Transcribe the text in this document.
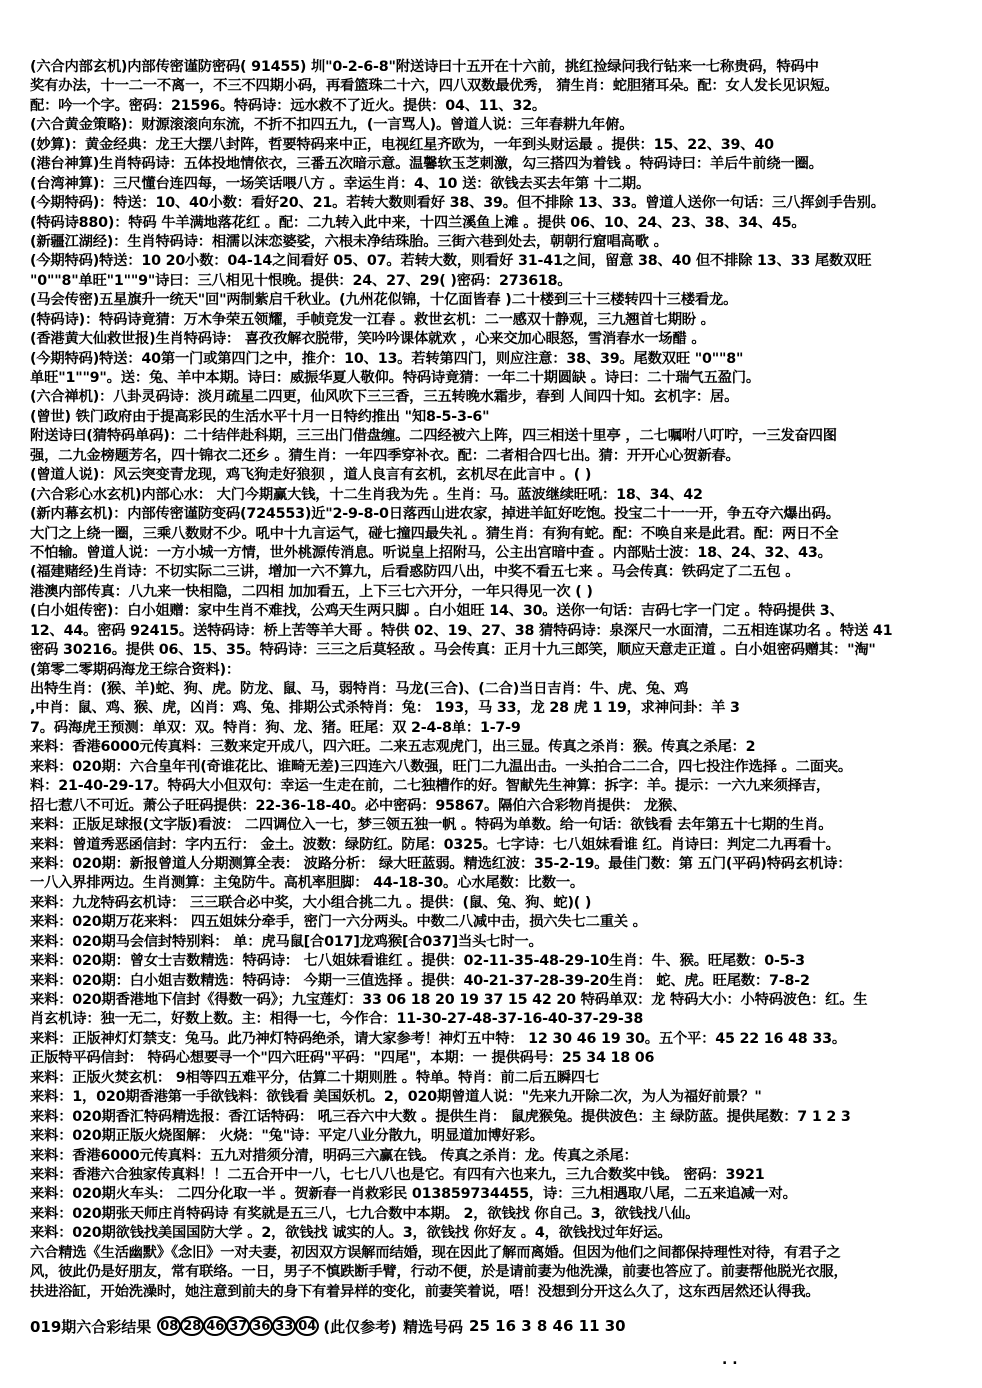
(六合内部玄机)内部传密谨防密码( 91455) 圳"0-2-6-8"附送诗曰十五开在十六前，挑红捡绿问我行钻来一七称贵码，特码中
奖有办法，十一二一不离一，不三不四期小码，再看篮珠二十六，四八双数最优秀， 猜生肖：蛇胆猪耳朵。配：女人发长见识短。
配：吟一个字。密码：21596。特码诗：远水救不了近火。提供：04、11、32。
(六合黄金策略)：财源滚滚向东流，不折不扣四五九，(一言骂人)。曾道人说：三年春耕九年俯。
(妙算)：黄金经典：龙王大摆八封阵，哲要特码来中正，电视红星齐欧为，一年到头财运最 。提供：15、22、39、40
(港台神算)生肖特码诗：五体投地情依衣，三番五次暗示意。温馨软玉芝刺激，勾三搭四为着钱 。特码诗曰：羊后牛前绕一圈。
(台湾神算)：三尺懂台连四每，一场笑话喂八方 。幸运生肖：4、10 送：欲钱去买去年第 十二期。
(今期特码)：特送：10、40小数：看好20、21。若转大数则看好 38、39。但不排除 13、33。曾道人送你一句话：三八挥剑手告别。
(特码诗880)：特码 牛羊满地落花红 。配：二九转入此中来，十四兰溪鱼上滩 。提供 06、10、24、23、38、34、45。
(新疆江湖经)：生肖特码诗：相濡以沫恋婆娑，六根未净结珠胎。三街六巷到处去，朝朝行窟唱高歌 。
(今期特码)特送：10 20小数：04-14之间看好 05、07。若转大数，则看好 31-41之间，留意 38、40 但不排除 13、33 尾数双旺
"0""8"单旺"1""9"诗曰：三八相见十恨晚。提供：24、27、29( )密码：273618。
(马会传密)五星旗升一统天"回"两制紫启千秋业。(九州花似锦，十亿面皆春 )二十楼到三十三楼转四十三楼看龙。
(特码诗)：特码诗竟猜：万木争荣五领耀，手帧竞发一江春 。救世玄机：二一感双十静观，三九翘首七期盼 。
(香港黄大仙救世报)生肖特码诗： 喜孜孜解衣脱带，笑吟吟课体就欢 ，心来交加心眼怒，雪消春水一场醋 。
(今期特码)特送：40第一门或第四门之中，推介：10、13。若转第四门，则应注意：38、39。尾数双旺 "0""8"
单旺"1""9"。送：兔、羊中本期。诗曰：威振华夏人敬仰。特码诗竟猜：一年二十期圆缺 。诗曰：二十瑞气五盈门。
(六合禅机)：八卦灵码诗：淡月疏星二四更，仙风吹下三三香，三五转晚水霜步，春到 人间四十知。玄机字：居。
(曾世) 铁门政府由于提高彩民的生活水平十月一日特约推出 "知8-5-3-6"
附送诗曰(猜特码单码)：二十结伴赴科期，三三出门借盘缠。二四经被六上阵，四三相送十里亭 ，二七嘱咐八叮咛，一三发奋四图
强，二九金榜题芳名，四十锦衣二还乡 。猜生肖：一年四季穿补衣。配：二者相合四七出。猜：开开心心贺新春。
(曾道人说)：风云突变青龙现，鸡飞狗走好狼狈 ，道人良言有玄机，玄机尽在此言中 。( )
(六合彩心水玄机)内部心水： 大门今期赢大钱，十二生肖我为先 。生肖：马。蓝波继续旺吼：18、34、42
(新内幕玄机)：内部传密谨防变码(724553)近"2-9-8-0日落西山进农家，掉进羊缸好吃饱。投宝二十一一开，争五夺六爆出码。
大门之上绕一圈，三乘八数财不少。吼中十九言运气，碰七撞四最失礼 。猜生肖：有狗有蛇。配：不唤自来是此君。配：两日不全
不怕输。曾道人说：一方小城一方情，世外桃源传消息。听说皇上招附马，公主出宫暗中查 。内部贴士波：18、24、32、43。
(福建赌经)生肖诗：不切实际二三讲，增加一六不算九，后看惑防四八出，中奖不看五七来 。马会传真：铁码定了二五包 。
港澳内部传真：八九来一快相隐，二四相 加加看五，上下三七六开分，一年只得见一次 ( )
(白小姐传密)：白小姐赠：家中生肖不难找，公鸡天生两只脚 。白小姐旺 14、30。送你一句话：吉码七字一门定 。特码提供 3、
12、44。密码 92415。送特码诗：桥上苦等羊大哥 。特供 02、19、27、38 猜特码诗：泉深尺一水面清，二五相连谋功名 。特送 41
密码 30216。提供 06、15、35。特码诗：三三之后莫轻敌 。马会传真：正月十九三郎笑，顺应天意走正道 。白小姐密码赠其："淘"
(第零二零期码海龙王综合资料)：
出特生肖：(猴、羊)蛇、狗、虎。防龙、鼠、马，弱特肖：马龙(三合)、(二合)当日吉肖：牛、虎、兔、鸡
,中肖：鼠、鸡、猴、虎，凶肖：鸡、兔、排期公式杀特肖：兔： 193，马 33，龙 28 虎 1 19，求神问卦：羊 3
7。码海虎王预测：单双：双。特肖：狗、龙、猪。旺尾：双 2-4-8单：1-7-9
来料：香港6000元传真料：三数来定开成八，四六旺。二来五志观虎门，出三显。传真之杀肖：猴。传真之杀尾：2
来料：020期：六合皇年刊(奇谁花比、谁畸无差)三四连六八数强，旺门二九温出击。一头拍合二二合，四七投注作选择 。二面夹。
料：21-40-29-17。特码大小但双句：幸运一生走在前，二七独槽作的好。智献先生神算：拆字：羊。提示：一六九来须择吉，
招七惹八不可近。萧公子旺码提供：22-36-18-40。必中密码：95867。隔伯六合彩物肖提供： 龙猴、
来料：正版足球报(文字版)看波： 二四调位入一七，梦三领五独一帆 。特码为单数。给一句话：欲钱看 去年第五十七期的生肖。
来料：曾道秀恶函信封：字内五行： 金土。波数：绿防红。防尾：0325。七字诗：七八姐妹看谁 红。肖诗曰：判定二九再看十。
来料：020期：新报曾道人分期测算全表： 波路分析： 绿大旺蓝弱。精选红波：35-2-19。最佳门数：第 五门(平码)特码玄机诗：
一八入界排两边。生肖测算：主兔防牛。高机率胆脚： 44-18-30。心水尾数：比数一。
来料：九龙特码玄机诗： 三三联合必中奖，大小组合挑二九 。提供：(鼠、兔、狗、蛇)( )
来料：020期万花来料： 四五姐妹分牵手，密门一六分两头。中数二八减中击，损六失七二重关 。
来料：020期马会信封特别料： 单：虎马鼠[合017]龙鸡猴[合037]当头七时一。
来料：020期：曾女士吉数精选：特码诗： 七八姐妹看谁红 。提供：02-11-35-48-29-10生肖：牛、猴。旺尾数：0-5-3
来料：020期：白小姐吉数精选：特码诗： 今期一三值选择 。提供：40-21-37-28-39-20生肖： 蛇、虎。旺尾数：7-8-2
来料：020期香港地下信封《得数一码》；九宝莲灯：33 06 18 20 19 37 15 42 20 特码单双：龙 特码大小：小特码波色：红。生
肖玄机诗：独一无二，好数上数。主：相得一七，今作合：11-30-27-48-37-16-40-37-29-38
来料：正版神灯灯禁支：兔马。此乃神灯特码绝杀，请大家参考！神灯五中特： 12 30 46 19 30。五个平：45 22 16 48 33。
正版特平码信封： 特码心想要寻一个"四六旺码"平码："四尾"，本期：一 提供码号：25 34 18 06
来料：正版火焚玄机： 9相等四五难平分，估算二十期则胜 。特单。特肖：前二后五瞬四七
来料：1，020期香港第一手欲钱料：欲钱看 美国妖机。2，020期曾道人说："先来九开除二次，为人为福好前景？"
来料：020期香汇特码精选报：香江话特码： 吼三吞六中大数 。提供生肖： 鼠虎猴兔。提供波色：主 绿防蓝。提供尾数：7 1 2 3
来料：020期正版火烧图解： 火烧："兔"诗：平定八业分散九，明显道加博好彩。
来料：香港6000元传真料：五九对措须分清，明码三六赢在钱。 传真之杀肖：龙。传真之杀尾：
来料：香港六合独家传真料！！二五合开中一八，七七八八也是它。有四有六也来九，三九合数奖中钱。 密码：3921
来料：020期火车头： 二四分化取一半 。贺新春一肖救彩民 013859734455，诗：三九相遇取八尾，二五来追减一对。
来料：020期张天师庄肖特码诗 有奖就是五三八，七九合数中本期。 2，欲钱找 你自己。3，欲钱找八仙。
来料：020期欲钱找美国国防大学 。2，欲钱找 诚实的人。3，欲钱找 你好友 。4，欲钱找过年好运。
六合精选《生活幽默》《念旧》一对夫妻，初因双方误解而结婚，现在因此了解而离婚。但因为他们之间都保持理性对待，有君子之
风，彼此仍是好朋友，常有联络。一日，男子不慎跌断手臂，行动不便，於是请前妻为他洗澡，前妻也答应了。前妻帮他脱光衣服，
扶进浴缸，开始洗澡时，她注意到前夫的身下有着异样的变化，前妻笑着说，唔！没想到分开这么久了，这东西居然还认得我。
019期六合彩结果 08 28 46 37 36 33 04 (此仅参考) 精选号码 25 16 3 8 46 11 30
. .
